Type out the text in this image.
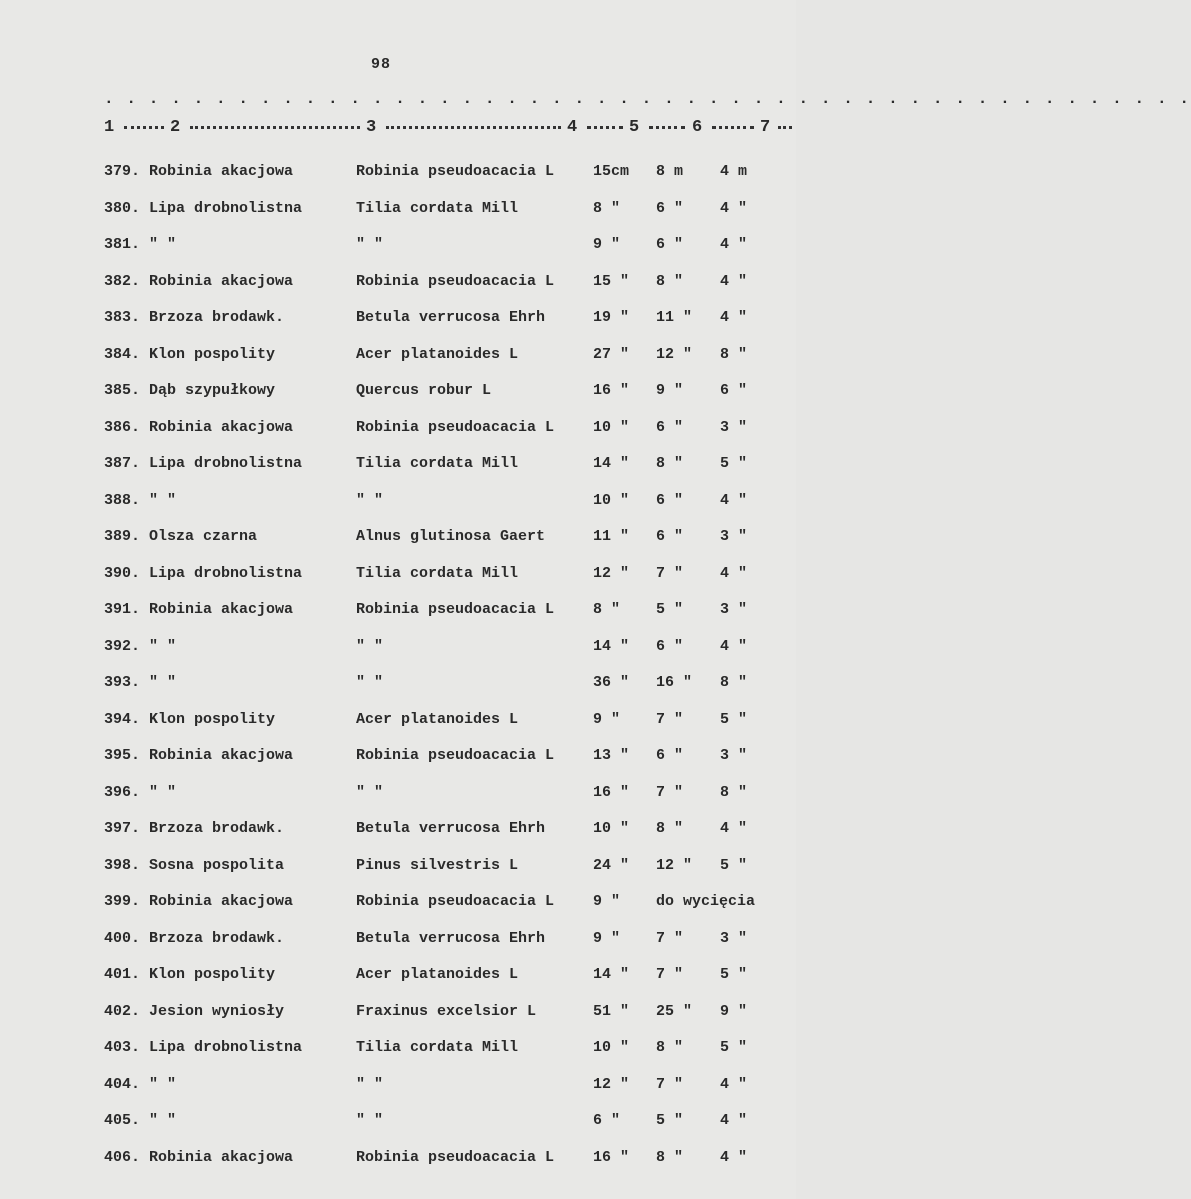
98
. . . . . . . . . . . . . . . . . . . . . . . . . . . . . . . . . . . . . . . . . . . . . . . . .
1	2	3	4	5	6	7
379. Robinia akacjowa	Robinia pseudoacacia L	15cm 8 m 4 m
380. Lipa drobnolistna	Tilia cordata Mill	8 " 6 " 4 "
381. " "	" "	9 " 6 " 4 "
382. Robinia akacjowa	Robinia pseudoacacia L	15 " 8 " 4 "
383. Brzoza brodawk.	Betula verrucosa Ehrh	19 " 11 " 4 "
384. Klon pospolity	Acer platanoides L	27 " 12 " 8 "
385. Dąb szypułkowy	Quercus robur L	16 " 9 " 6 "
386. Robinia akacjowa	Robinia pseudoacacia L	10 " 6 " 3 "
387. Lipa drobnolistna	Tilia cordata Mill	14 " 8 " 5 "
388. " "	" "	10 " 6 " 4 "
389. Olsza czarna	Alnus glutinosa Gaert	11 " 6 " 3 "
390. Lipa drobnolistna	Tilia cordata Mill	12 " 7 " 4 "
391. Robinia akacjowa	Robinia pseudoacacia L	8 " 5 " 3 "
392. " "	" "	14 " 6 " 4 "
393. " "	" "	36 " 16 " 8 "
394. Klon pospolity	Acer platanoides L	9 " 7 " 5 "
395. Robinia akacjowa	Robinia pseudoacacia L	13 " 6 " 3 "
396. " "	" "	16 " 7 " 8 "
397. Brzoza brodawk.	Betula verrucosa Ehrh	10 " 8 " 4 "
398. Sosna pospolita	Pinus silvestris L	24 " 12 " 5 "
399. Robinia akacjowa	Robinia pseudoacacia L	9 " do wycięcia
400. Brzoza brodawk.	Betula verrucosa Ehrh	9 " 7 " 3 "
401. Klon pospolity	Acer platanoides L	14 " 7 " 5 "
402. Jesion wyniosły	Fraxinus excelsior L	51 " 25 " 9 "
403. Lipa drobnolistna	Tilia cordata Mill	10 " 8 " 5 "
404. " "	" "	12 " 7 " 4 "
405. " "	" "	6 " 5 " 4 "
406. Robinia akacjowa	Robinia pseudoacacia L	16 " 8 " 4 "
